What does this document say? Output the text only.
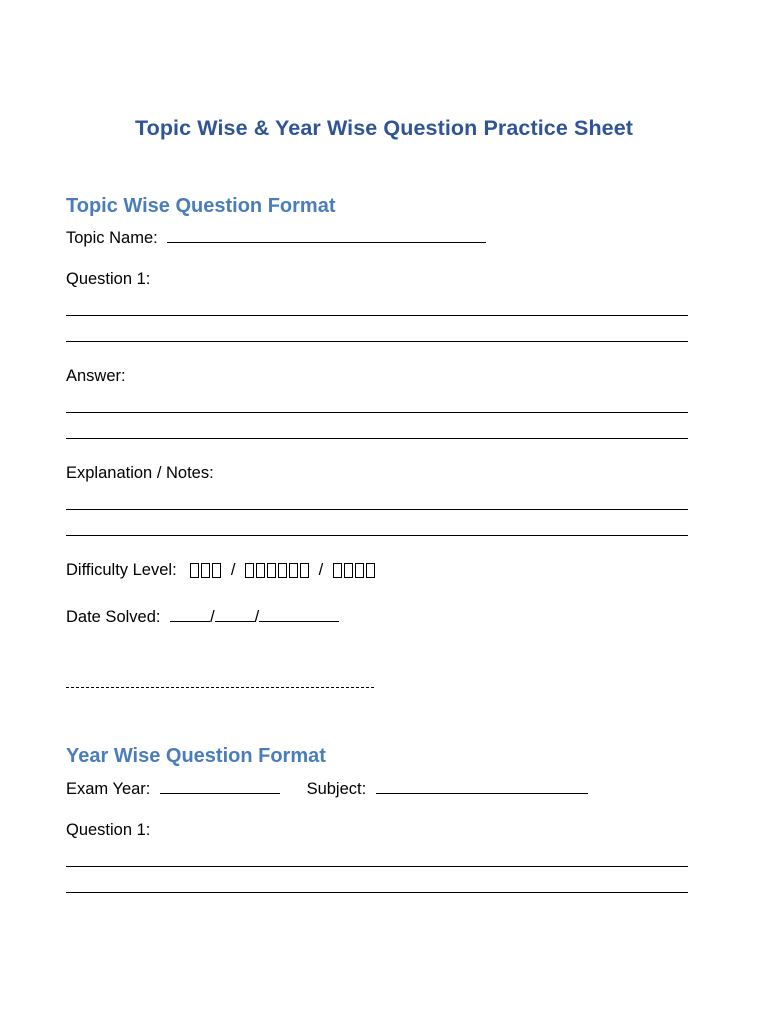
Topic Wise & Year Wise Question Practice Sheet
Topic Wise Question Format
Topic Name:
Question 1:
Answer:
Explanation / Notes:
Difficulty Level:	/	/
Date Solved:	/ /
Year Wise Question Format
Exam Year:	Subject:
Question 1:
